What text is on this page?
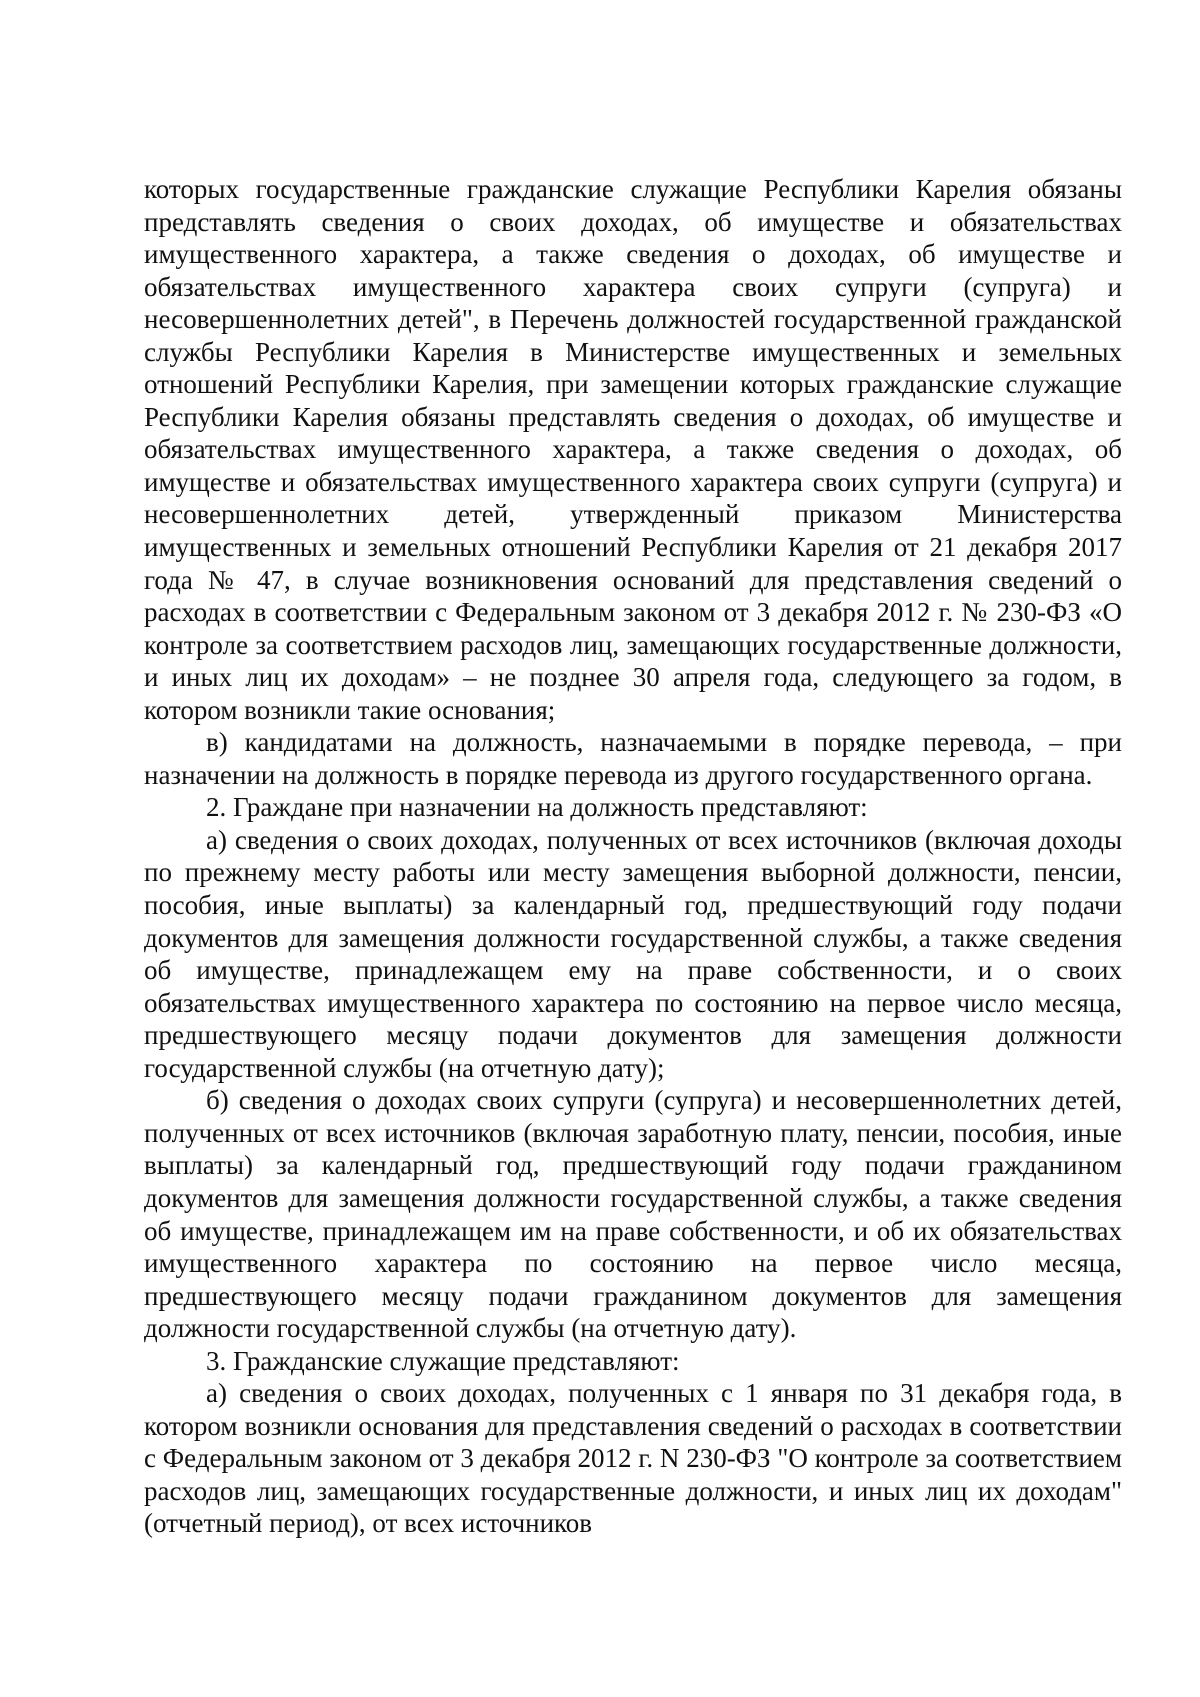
которых государственные гражданские служащие Республики Карелия обязаны представлять сведения о своих доходах, об имуществе и обязательствах имущественного характера, а также сведения о доходах, об имуществе и обязательствах имущественного характера своих супруги (супруга) и несовершеннолетних детей", в Перечень должностей государственной гражданской службы Республики Карелия в Министерстве имущественных и земельных отношений Республики Карелия, при замещении которых гражданские служащие Республики Карелия обязаны представлять сведения о доходах, об имуществе и обязательствах имущественного характера, а также сведения о доходах, об имуществе и обязательствах имущественного характера своих супруги (супруга) и несовершеннолетних детей, утвержденный приказом Министерства имущественных и земельных отношений Республики Карелия от 21 декабря 2017 года № 47, в случае возникновения оснований для представления сведений о расходах в соответствии с Федеральным законом от 3 декабря 2012 г. № 230-ФЗ «О контроле за соответствием расходов лиц, замещающих государственные должности, и иных лиц их доходам» – не позднее 30 апреля года, следующего за годом, в котором возникли такие основания;

в) кандидатами на должность, назначаемыми в порядке перевода, – при назначении на должность в порядке перевода из другого государственного органа.

2. Граждане при назначении на должность представляют:

а) сведения о своих доходах, полученных от всех источников (включая доходы по прежнему месту работы или месту замещения выборной должности, пенсии, пособия, иные выплаты) за календарный год, предшествующий году подачи документов для замещения должности государственной службы, а также сведения об имуществе, принадлежащем ему на праве собственности, и о своих обязательствах имущественного характера по состоянию на первое число месяца, предшествующего месяцу подачи документов для замещения должности государственной службы (на отчетную дату);

б) сведения о доходах своих супруги (супруга) и несовершеннолетних детей, полученных от всех источников (включая заработную плату, пенсии, пособия, иные выплаты) за календарный год, предшествующий году подачи гражданином документов для замещения должности государственной службы, а также сведения об имуществе, принадлежащем им на праве собственности, и об их обязательствах имущественного характера по состоянию на первое число месяца, предшествующего месяцу подачи гражданином документов для замещения должности государственной службы (на отчетную дату).

3. Гражданские служащие представляют:

а) сведения о своих доходах, полученных с 1 января по 31 декабря года, в котором возникли основания для представления сведений о расходах в соответствии с Федеральным законом от 3 декабря 2012 г. N 230-ФЗ "О контроле за соответствием расходов лиц, замещающих государственные должности, и иных лиц их доходам" (отчетный период), от всех источников
